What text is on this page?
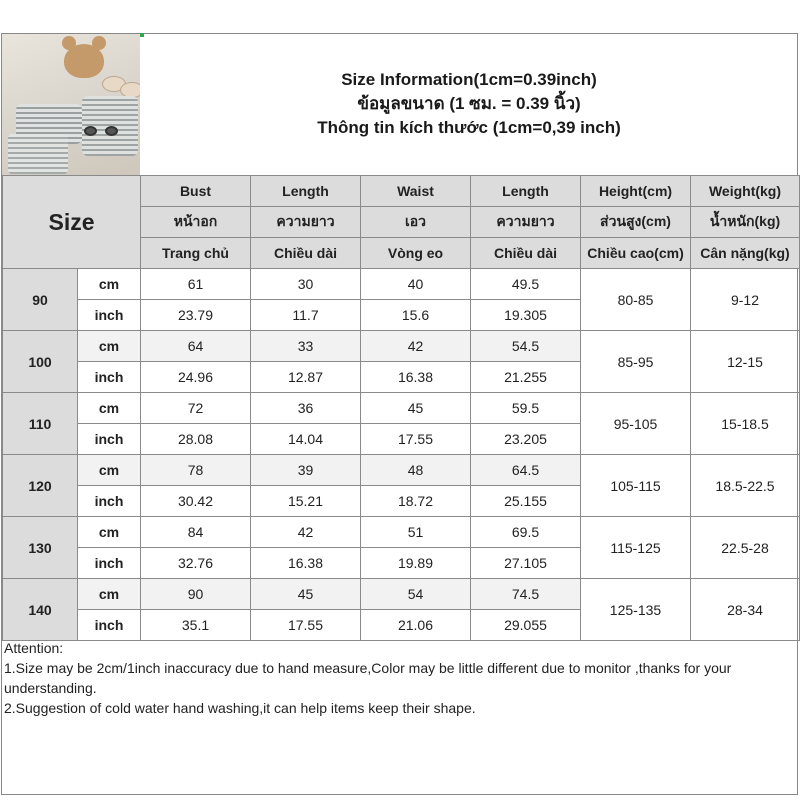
Size Information(1cm=0.39inch)
ข้อมูลขนาด (1 ซม. = 0.39 นิ้ว)
Thông tin kích thước (1cm=0,39 inch)
Size		Bust	Length	Waist	Length	Height(cm)	Weight(kg)
		หน้าอก	ความยาว	เอว	ความยาว	ส่วนสูง(cm)	น้ำหนัก(kg)
		Trang chủ	Chiều dài	Vòng eo	Chiều dài	Chiều cao(cm)	Cân nặng(kg)
90	cm	61	30	40	49.5	80-85	9-12
	inch	23.79	11.7	15.6	19.305		
100	cm	64	33	42	54.5	85-95	12-15
	inch	24.96	12.87	16.38	21.255		
110	cm	72	36	45	59.5	95-105	15-18.5
	inch	28.08	14.04	17.55	23.205		
120	cm	78	39	48	64.5	105-115	18.5-22.5
	inch	30.42	15.21	18.72	25.155		
130	cm	84	42	51	69.5	115-125	22.5-28
	inch	32.76	16.38	19.89	27.105		
140	cm	90	45	54	74.5	125-135	28-34
	inch	35.1	17.55	21.06	29.055		
Attention:
1.Size may be 2cm/1inch inaccuracy due to hand measure,Color may be little different due to monitor ,thanks for your understanding.
2.Suggestion of cold water hand washing,it can help items keep their shape.
